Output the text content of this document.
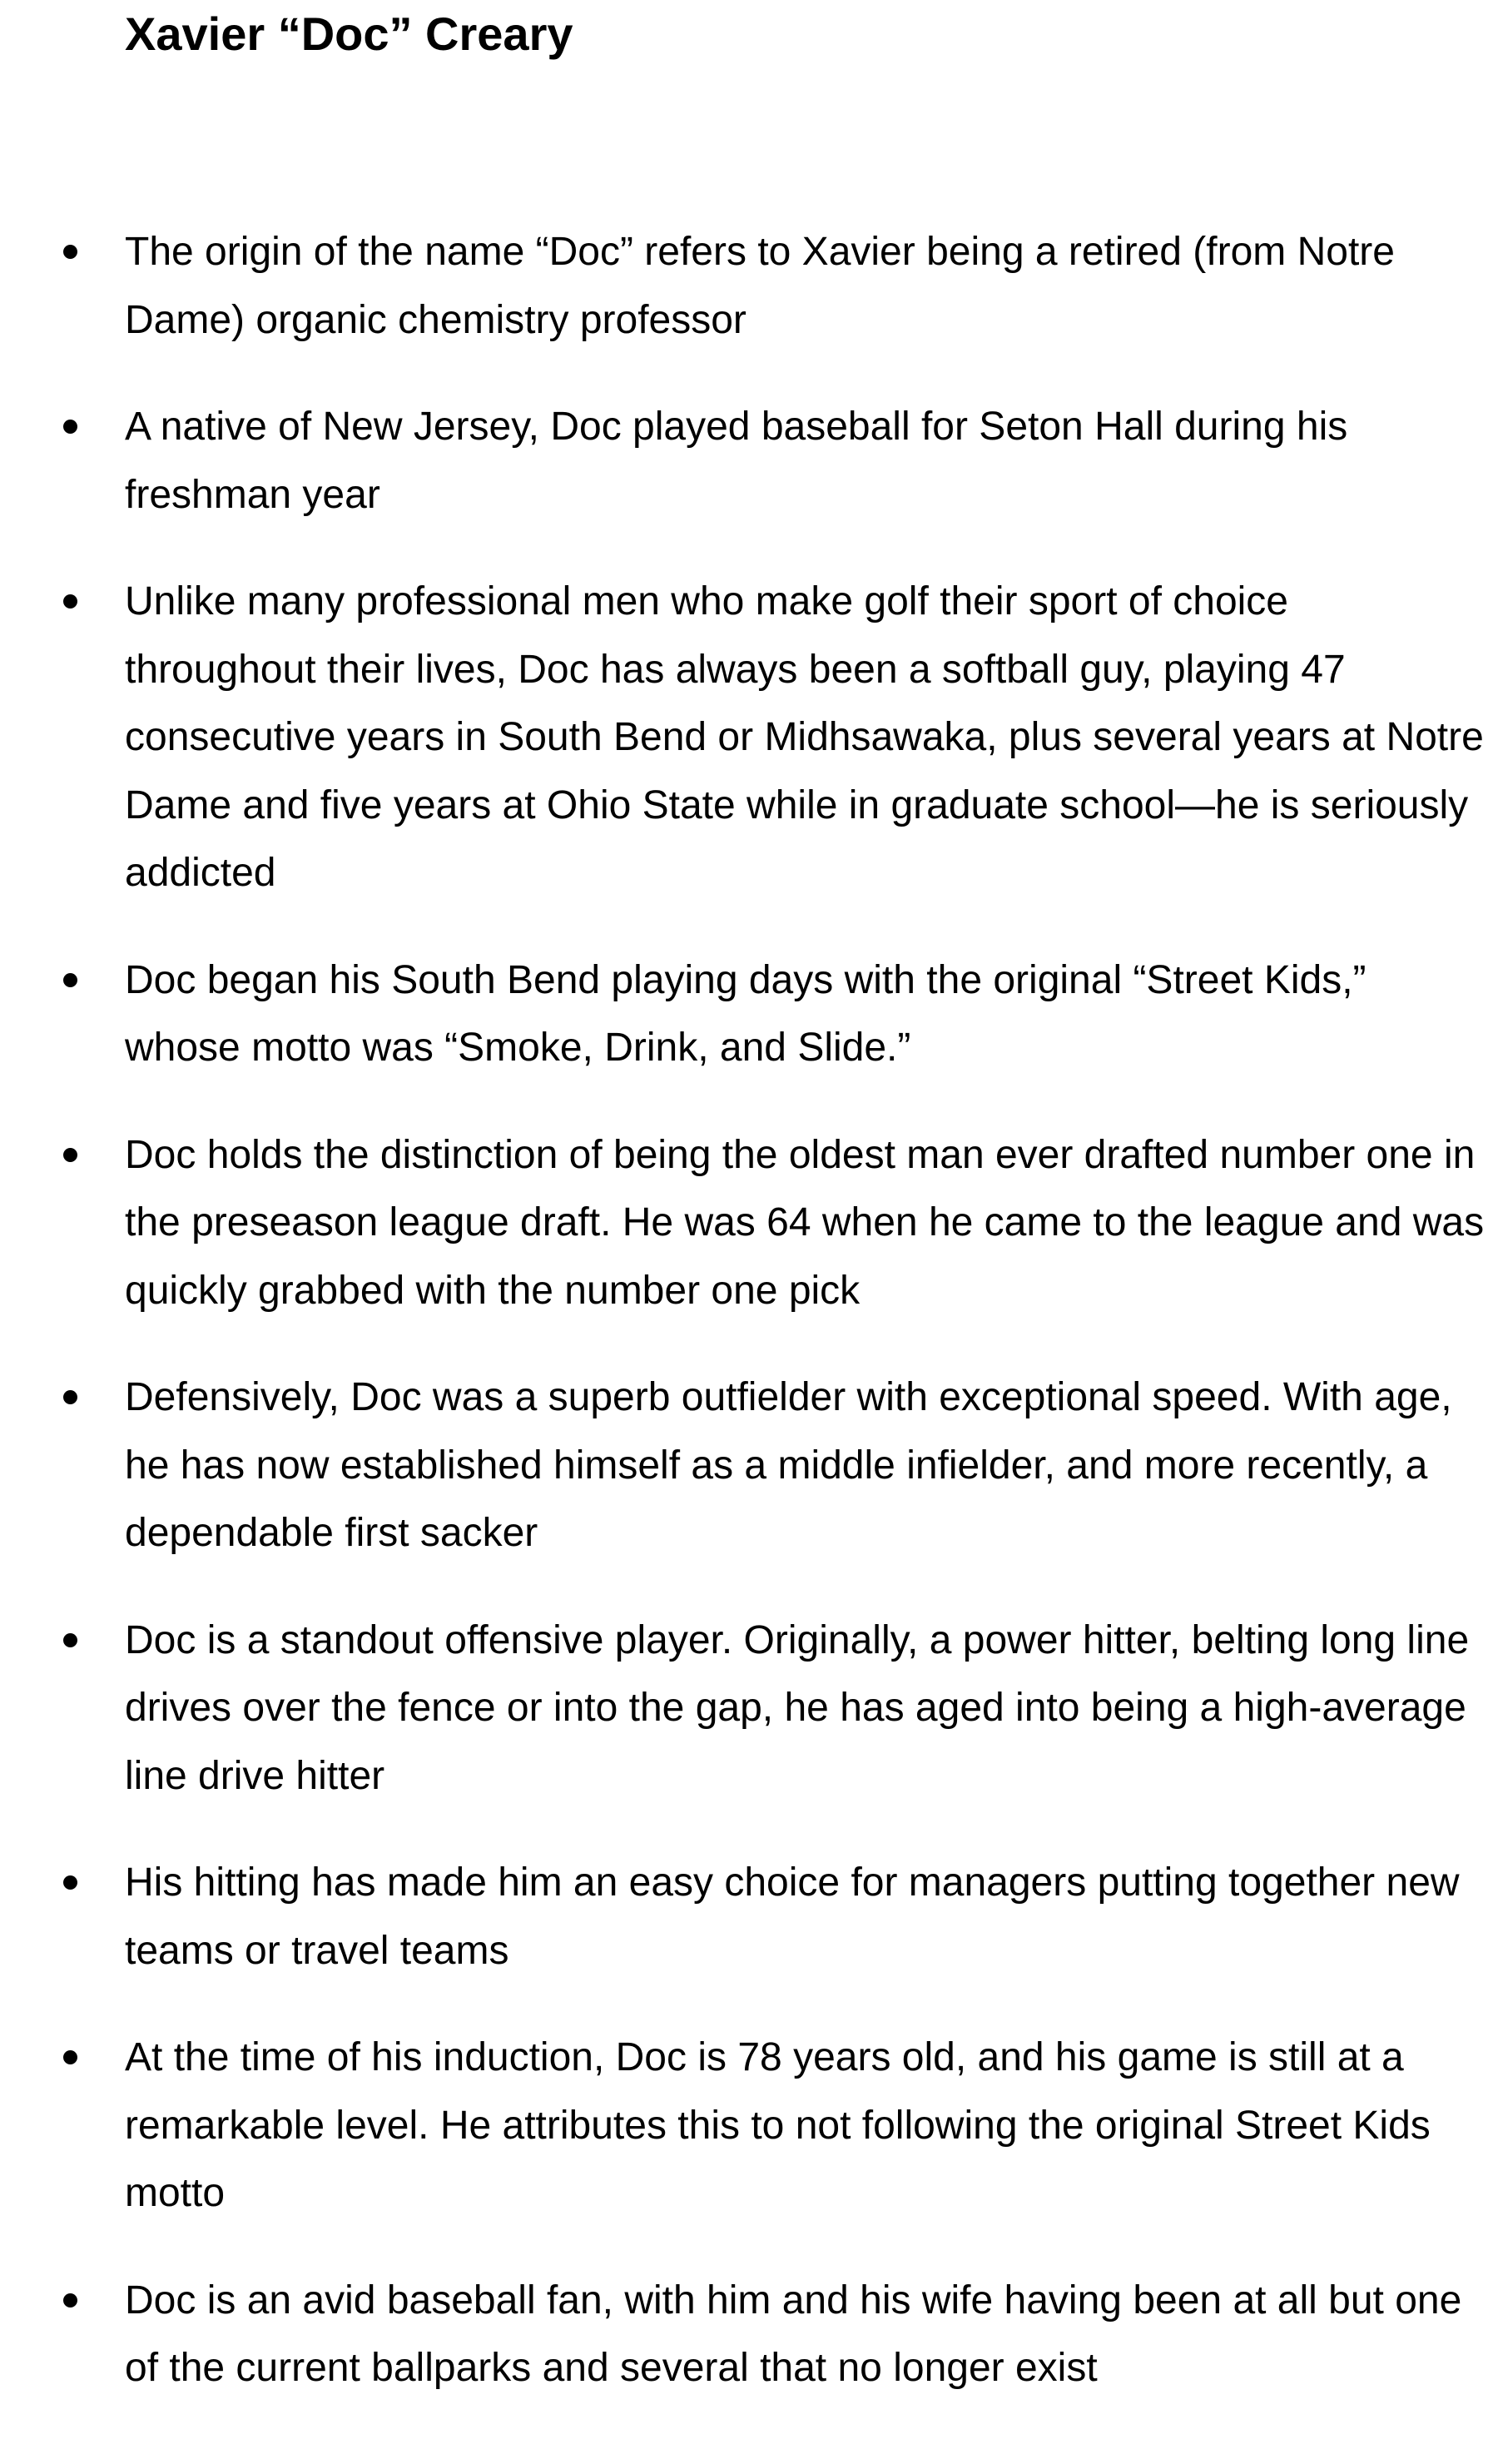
Xavier “Doc” Creary
The origin of the name “Doc” refers to Xavier being a retired (from Notre Dame) organic chemistry professor
A native of New Jersey, Doc played baseball for Seton Hall during his freshman year
Unlike many professional men who make golf their sport of choice throughout their lives, Doc has always been a softball guy, playing 47 consecutive years in South Bend or Midhsawaka, plus several years at Notre Dame and five years at Ohio State while in graduate school—he is seriously addicted
Doc began his South Bend playing days with the original “Street Kids,” whose motto was “Smoke, Drink, and Slide.”
Doc holds the distinction of being the oldest man ever drafted number one in the preseason league draft. He was 64 when he came to the league and was quickly grabbed with the number one pick
Defensively, Doc was a superb outfielder with exceptional speed. With age, he has now established himself as a middle infielder, and more recently, a dependable first sacker
Doc is a standout offensive player. Originally, a power hitter, belting long line drives over the fence or into the gap, he has aged into being a high-average line drive hitter
His hitting has made him an easy choice for managers putting together new teams or travel teams
At the time of his induction, Doc is 78 years old, and his game is still at a remarkable level. He attributes this to not following the original Street Kids motto
Doc is an avid baseball fan, with him and his wife having been at all but one of the current ballparks and several that no longer exist
